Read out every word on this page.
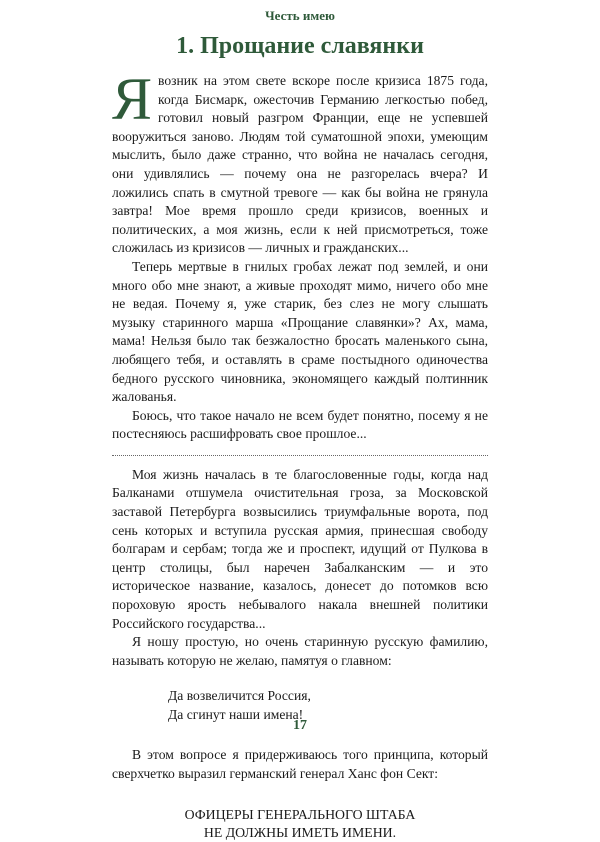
Честь имею
1. Прощание славянки

Я возник на этом свете вскоре после кризиса 1875 года, когда Бисмарк, ожесточив Германию легкостью побед, готовил новый разгром Франции, еще не успевшей вооружиться заново. Людям той суматошной эпохи, умеющим мыслить, было даже странно, что война не началась сегодня, они удивлялись — почему она не разгорелась вчера? И ложились спать в смутной тревоге — как бы война не грянула завтра! Мое время прошло среди кризисов, военных и политических, а моя жизнь, если к ней присмотреться, тоже сложилась из кризисов — личных и гражданских...

Теперь мертвые в гнилых гробах лежат под землей, и они много обо мне знают, а живые проходят мимо, ничего обо мне не ведая. Почему я, уже старик, без слез не могу слышать музыку старинного марша «Прощание славянки»? Ах, мама, мама! Нельзя было так безжалостно бросать маленького сына, любящего тебя, и оставлять в сраме постыдного одиночества бедного русского чиновника, экономящего каждый полтинник жалованья.

Боюсь, что такое начало не всем будет понятно, посему я не постесняюсь расшифровать свое прошлое...

Моя жизнь началась в те благословенные годы, когда над Балканами отшумела очистительная гроза, за Московской заставой Петербурга возвысились триумфальные ворота, под сень которых и вступила русская армия, принесшая свободу болгарам и сербам; тогда же и проспект, идущий от Пулкова в центр столицы, был наречен Забалканским — и это историческое название, казалось, донесет до потомков всю пороховую ярость небывалого накала внешней политики Российского государства...

Я ношу простую, но очень старинную русскую фамилию, называть которую не желаю, памятуя о главном:

Да возвеличится Россия,
Да сгинут наши имена!

В этом вопросе я придерживаюсь того принципа, который сверхчетко выразил германский генерал Ханс фон Сект:

ОФИЦЕРЫ ГЕНЕРАЛЬНОГО ШТАБА
НЕ ДОЛЖНЫ ИМЕТЬ ИМЕНИ.

17
